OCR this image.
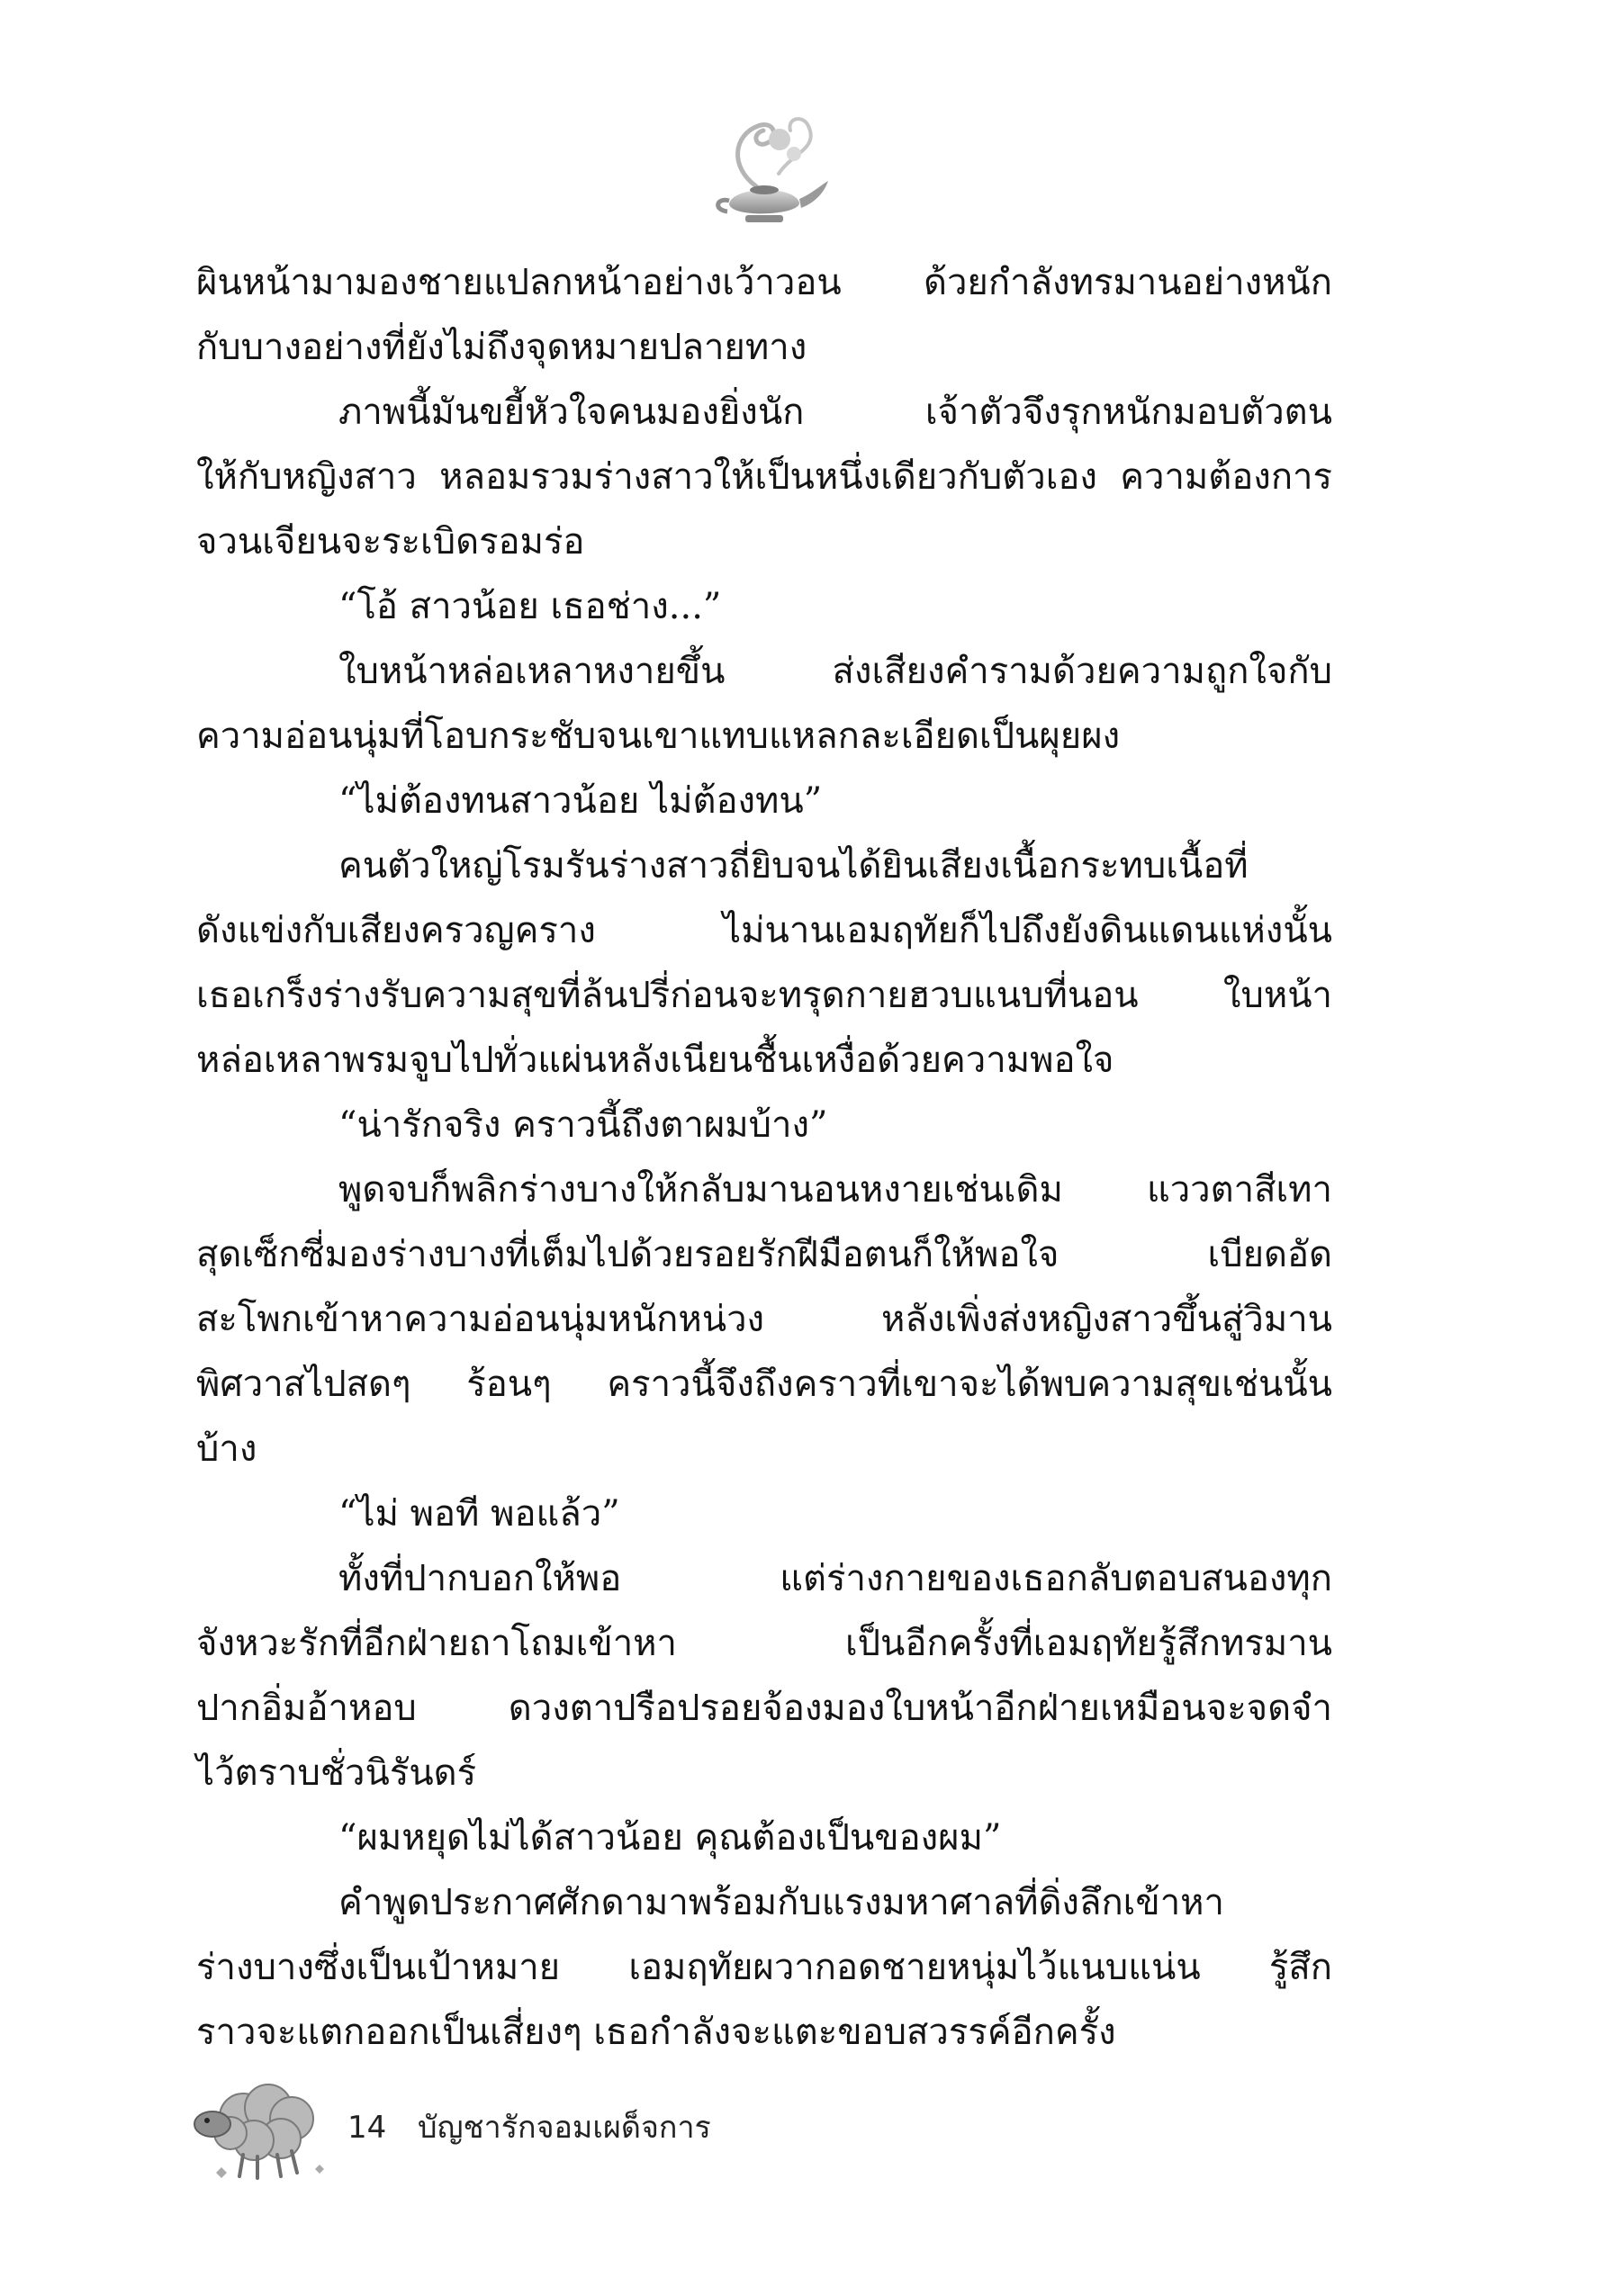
ผินหน้ามามองชายแปลกหน้าอย่างเว้าวอน ด้วยกำลังทรมานอย่างหนัก
กับบางอย่างที่ยังไม่ถึงจุดหมายปลายทาง
ภาพนี้มันขยี้หัวใจคนมองยิ่งนัก เจ้าตัวจึงรุกหนักมอบตัวตน
ให้กับหญิงสาว หลอมรวมร่างสาวให้เป็นหนึ่งเดียวกับตัวเอง ความต้องการ
จวนเจียนจะระเบิดรอมร่อ
“โอ้ สาวน้อย เธอช่าง...”
ใบหน้าหล่อเหลาหงายขึ้น ส่งเสียงคำรามด้วยความถูกใจกับ
ความอ่อนนุ่มที่โอบกระชับจนเขาแทบแหลกละเอียดเป็นผุยผง
“ไม่ต้องทนสาวน้อย ไม่ต้องทน”
คนตัวใหญ่โรมรันร่างสาวถี่ยิบจนได้ยินเสียงเนื้อกระทบเนื้อที่
ดังแข่งกับเสียงครวญคราง ไม่นานเอมฤทัยก็ไปถึงยังดินแดนแห่งนั้น
เธอเกร็งร่างรับความสุขที่ล้นปรี่ก่อนจะทรุดกายฮวบแนบที่นอน ใบหน้า
หล่อเหลาพรมจูบไปทั่วแผ่นหลังเนียนชื้นเหงื่อด้วยความพอใจ
“น่ารักจริง คราวนี้ถึงตาผมบ้าง”
พูดจบก็พลิกร่างบางให้กลับมานอนหงายเช่นเดิม แววตาสีเทา
สุดเซ็กซี่มองร่างบางที่เต็มไปด้วยรอยรักฝีมือตนก็ให้พอใจ เบียดอัด
สะโพกเข้าหาความอ่อนนุ่มหนักหน่วง หลังเพิ่งส่งหญิงสาวขึ้นสู่วิมาน
พิศวาสไปสดๆ ร้อนๆ คราวนี้จึงถึงคราวที่เขาจะได้พบความสุขเช่นนั้น
บ้าง
“ไม่ พอที พอแล้ว”
ทั้งที่ปากบอกให้พอ แต่ร่างกายของเธอกลับตอบสนองทุก
จังหวะรักที่อีกฝ่ายถาโถมเข้าหา เป็นอีกครั้งที่เอมฤทัยรู้สึกทรมาน
ปากอิ่มอ้าหอบ ดวงตาปรือปรอยจ้องมองใบหน้าอีกฝ่ายเหมือนจะจดจำ
ไว้ตราบชั่วนิรันดร์
“ผมหยุดไม่ได้สาวน้อย คุณต้องเป็นของผม”
คำพูดประกาศศักดามาพร้อมกับแรงมหาศาลที่ดิ่งลึกเข้าหา
ร่างบางซึ่งเป็นเป้าหมาย เอมฤทัยผวากอดชายหนุ่มไว้แนบแน่น รู้สึก
ราวจะแตกออกเป็นเสี่ยงๆ เธอกำลังจะแตะขอบสวรรค์อีกครั้ง
14 บัญชารักจอมเผด็จการ
